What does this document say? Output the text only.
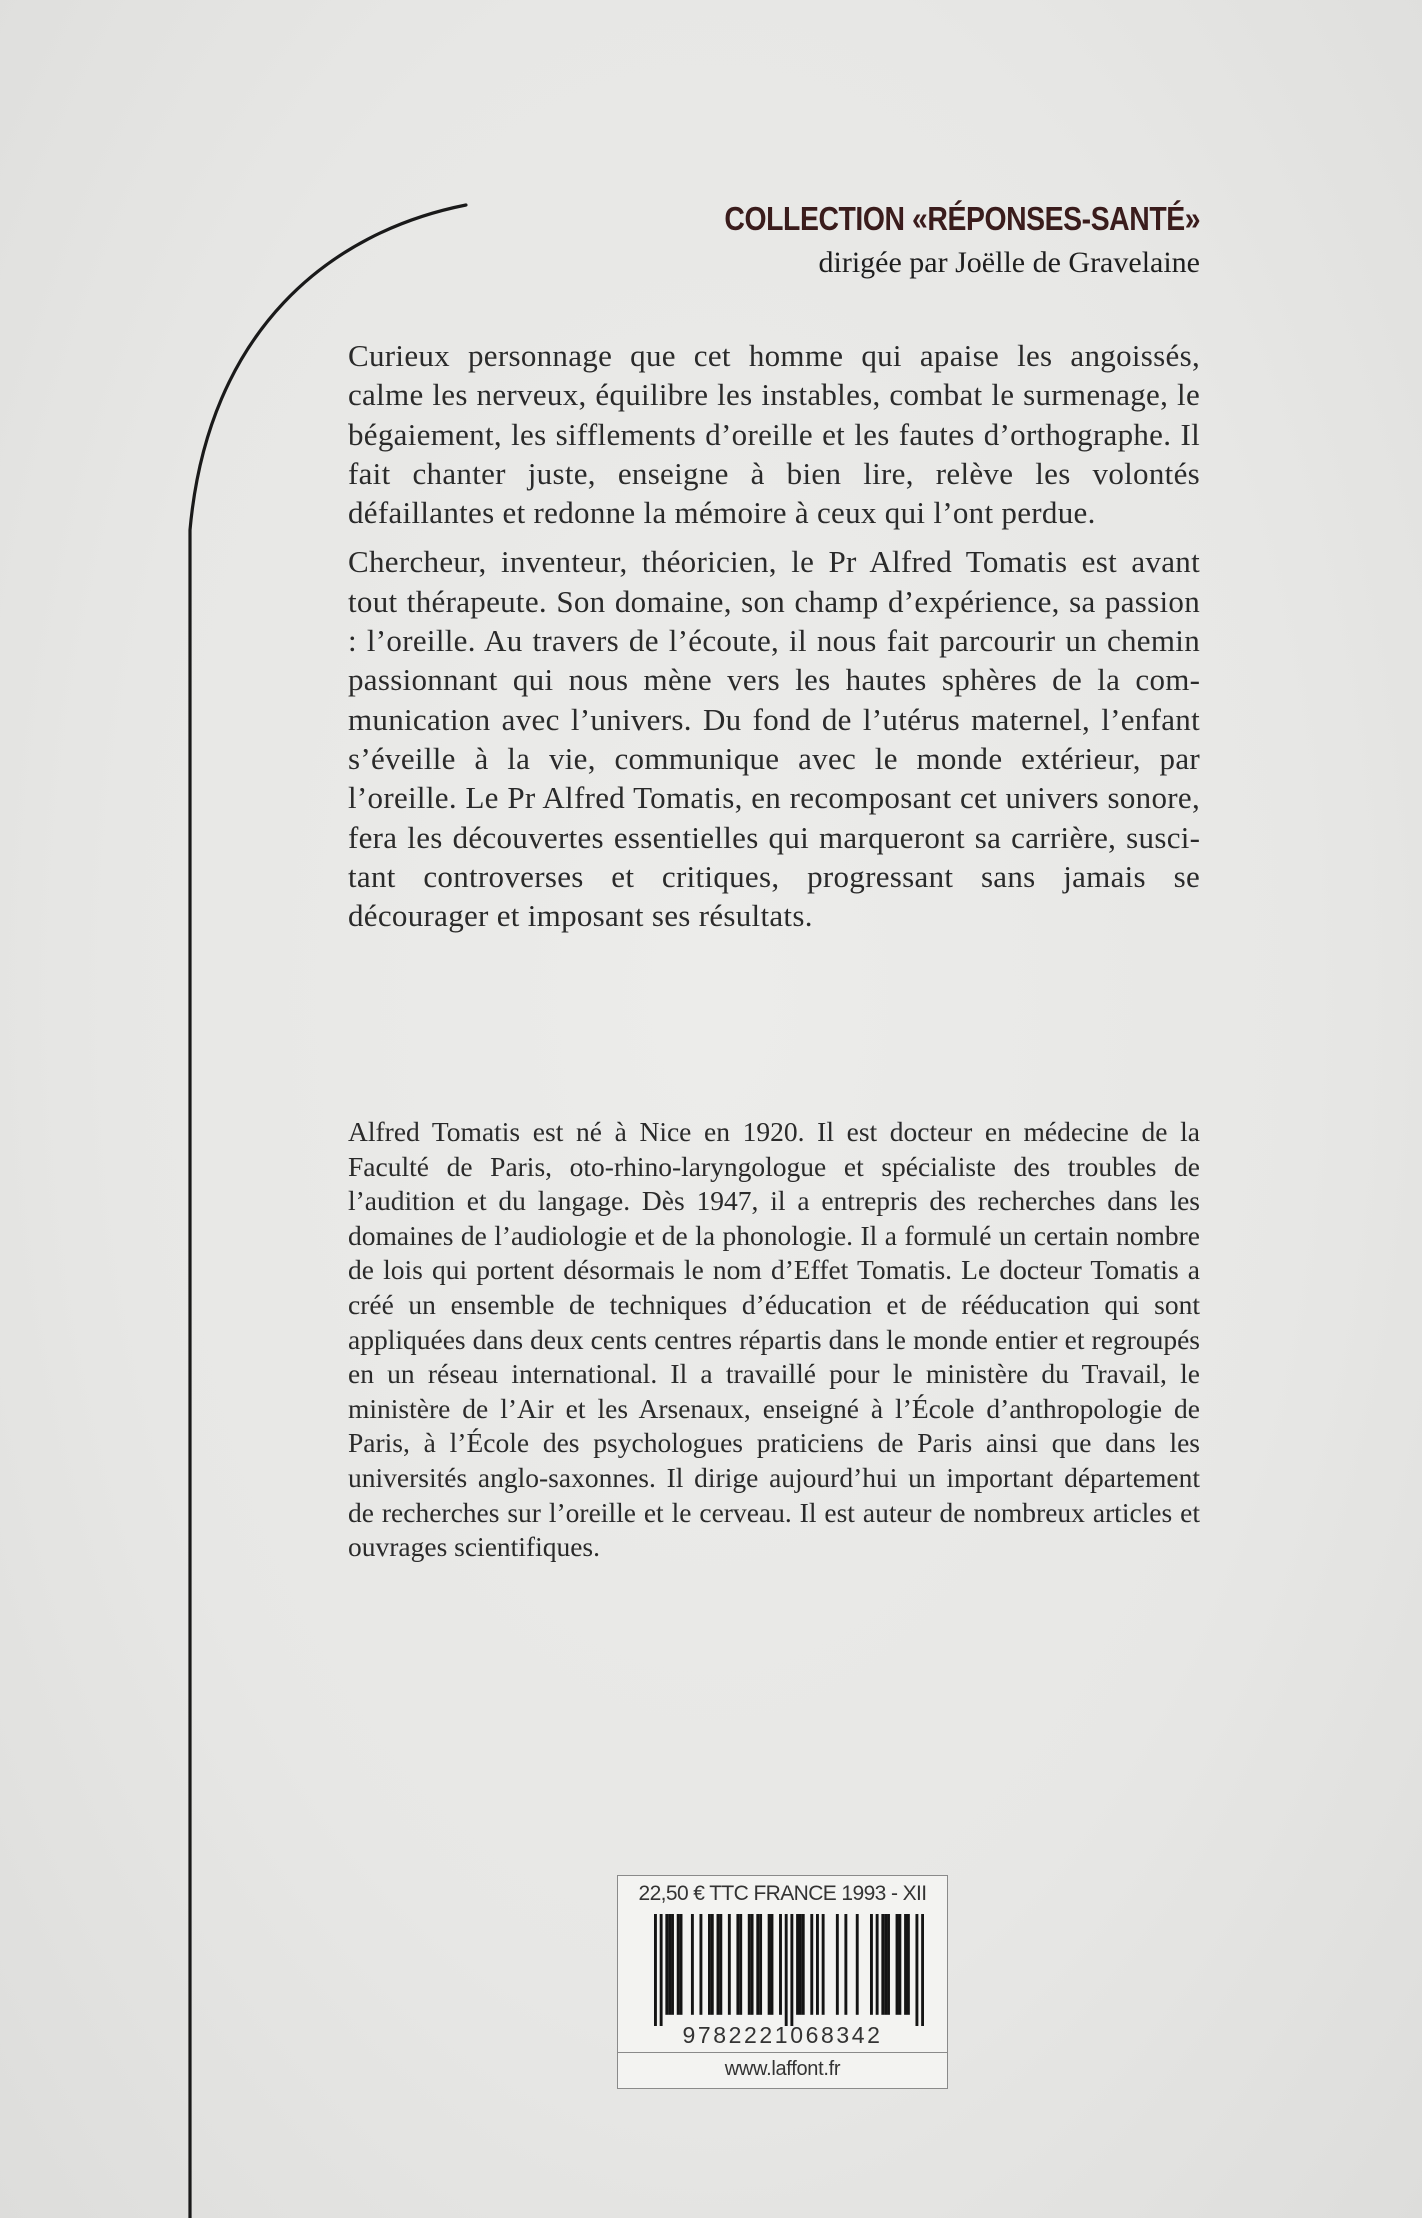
COLLECTION «RÉPONSES-SANTÉ»
dirigée par Joëlle de Gravelaine

Curieux personnage que cet homme qui apaise les angoissés, calme les nerveux, équilibre les instables, combat le surmenage, le bégaiement, les sifflements d’oreille et les fautes d’orthographe. Il fait chanter juste, enseigne à bien lire, relève les volontés défaillantes et redonne la mémoire à ceux qui l’ont perdue.

Chercheur, inventeur, théoricien, le Pr Alfred Tomatis est avant tout thérapeute. Son domaine, son champ d’expérience, sa passion : l’oreille. Au travers de l’écoute, il nous fait parcourir un chemin passionnant qui nous mène vers les hautes sphères de la communication avec l’univers. Du fond de l’utérus maternel, l’enfant s’éveille à la vie, communique avec le monde extérieur, par l’oreille. Le Pr Alfred Tomatis, en recomposant cet univers sonore, fera les découvertes essentielles qui marqueront sa carrière, suscitant controverses et critiques, progressant sans jamais se décourager et imposant ses résultats.

Alfred Tomatis est né à Nice en 1920. Il est docteur en médecine de la Faculté de Paris, oto-rhino-laryngologue et spécialiste des troubles de l’audition et du langage. Dès 1947, il a entrepris des recherches dans les domaines de l’audiologie et de la phonologie. Il a formulé un certain nombre de lois qui portent désormais le nom d’Effet Tomatis. Le docteur Tomatis a créé un ensemble de techniques d’éducation et de rééducation qui sont appliquées dans deux cents centres répartis dans le monde entier et regroupés en un réseau international. Il a travaillé pour le ministère du Travail, le ministère de l’Air et les Arsenaux, enseigné à l’École d’anthropologie de Paris, à l’École des psychologues praticiens de Paris ainsi que dans les universités anglo-saxonnes. Il dirige aujourd’hui un important département de recherches sur l’oreille et le cerveau. Il est auteur de nombreux articles et ouvrages scientifiques.

22,50 € TTC FRANCE 1993 - XII
9782221068342
www.laffont.fr
